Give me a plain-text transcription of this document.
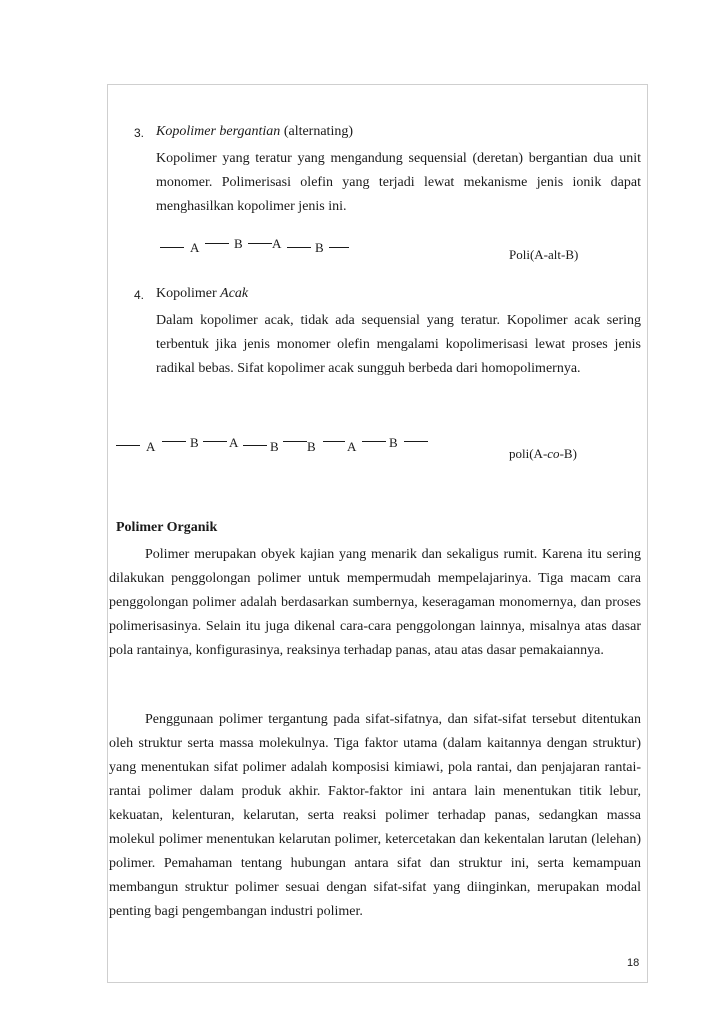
3. Kopolimer bergantian (alternating)

Kopolimer yang teratur yang mengandung sequensial (deretan) bergantian dua unit monomer. Polimerisasi olefin yang terjadi lewat mekanisme jenis ionik dapat menghasilkan kopolimer jenis ini.

A	B A	B	Poli(A-alt-B)
4. Kopolimer Acak

Dalam kopolimer acak, tidak ada sequensial yang teratur. Kopolimer acak sering terbentuk jika jenis monomer olefin mengalami kopolimerisasi lewat proses jenis radikal bebas. Sifat kopolimer acak sungguh berbeda dari homopolimernya.

A	B A B B A	B
poli(A-co-B)
Polimer Organik

Polimer merupakan obyek kajian yang menarik dan sekaligus rumit. Karena itu sering dilakukan penggolongan polimer untuk mempermudah mempelajarinya. Tiga macam cara penggolongan polimer adalah berdasarkan sumbernya, keseragaman monomernya, dan proses polimerisasinya. Selain itu juga dikenal cara-cara penggolongan lainnya, misalnya atas dasar pola rantainya, konfigurasinya, reaksinya terhadap panas, atau atas dasar pemakaiannya.

Penggunaan polimer tergantung pada sifat-sifatnya, dan sifat-sifat tersebut ditentukan oleh struktur serta massa molekulnya. Tiga faktor utama (dalam kaitannya dengan struktur) yang menentukan sifat polimer adalah komposisi kimiawi, pola rantai, dan penjajaran rantai-rantai polimer dalam produk akhir. Faktor-faktor ini antara lain menentukan titik lebur, kekuatan, kelenturan, kelarutan, serta reaksi polimer terhadap panas, sedangkan massa molekul polimer menentukan kelarutan polimer, ketercetakan dan kekentalan larutan (lelehan) polimer. Pemahaman tentang hubungan antara sifat dan struktur ini, serta kemampuan membangun struktur polimer sesuai dengan sifat-sifat yang diinginkan, merupakan modal penting bagi pengembangan industri polimer.

18
